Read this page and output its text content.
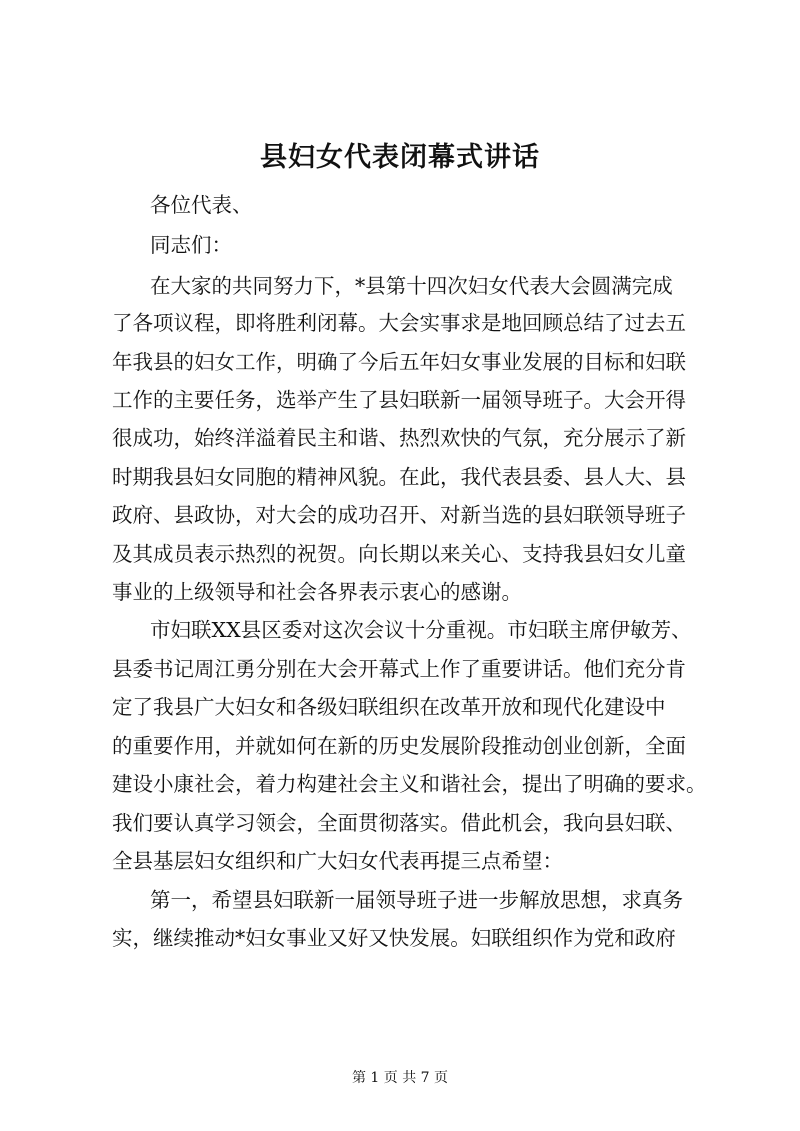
县妇女代表闭幕式讲话
各位代表、
同志们：
在大家的共同努力下，*县第十四次妇女代表大会圆满完成
了各项议程，即将胜利闭幕。大会实事求是地回顾总结了过去五
年我县的妇女工作，明确了今后五年妇女事业发展的目标和妇联
工作的主要任务，选举产生了县妇联新一届领导班子。大会开得
很成功，始终洋溢着民主和谐、热烈欢快的气氛，充分展示了新
时期我县妇女同胞的精神风貌。在此，我代表县委、县人大、县
政府、县政协，对大会的成功召开、对新当选的县妇联领导班子
及其成员表示热烈的祝贺。向长期以来关心、支持我县妇女儿童
事业的上级领导和社会各界表示衷心的感谢。
市妇联XX县区委对这次会议十分重视。市妇联主席伊敏芳、
县委书记周江勇分别在大会开幕式上作了重要讲话。他们充分肯
定了我县广大妇女和各级妇联组织在改革开放和现代化建设中
的重要作用，并就如何在新的历史发展阶段推动创业创新，全面
建设小康社会，着力构建社会主义和谐社会，提出了明确的要求。
我们要认真学习领会，全面贯彻落实。借此机会，我向县妇联、
全县基层妇女组织和广大妇女代表再提三点希望：
第一，希望县妇联新一届领导班子进一步解放思想，求真务
实，继续推动*妇女事业又好又快发展。妇联组织作为党和政府
第 1 页 共 7 页
